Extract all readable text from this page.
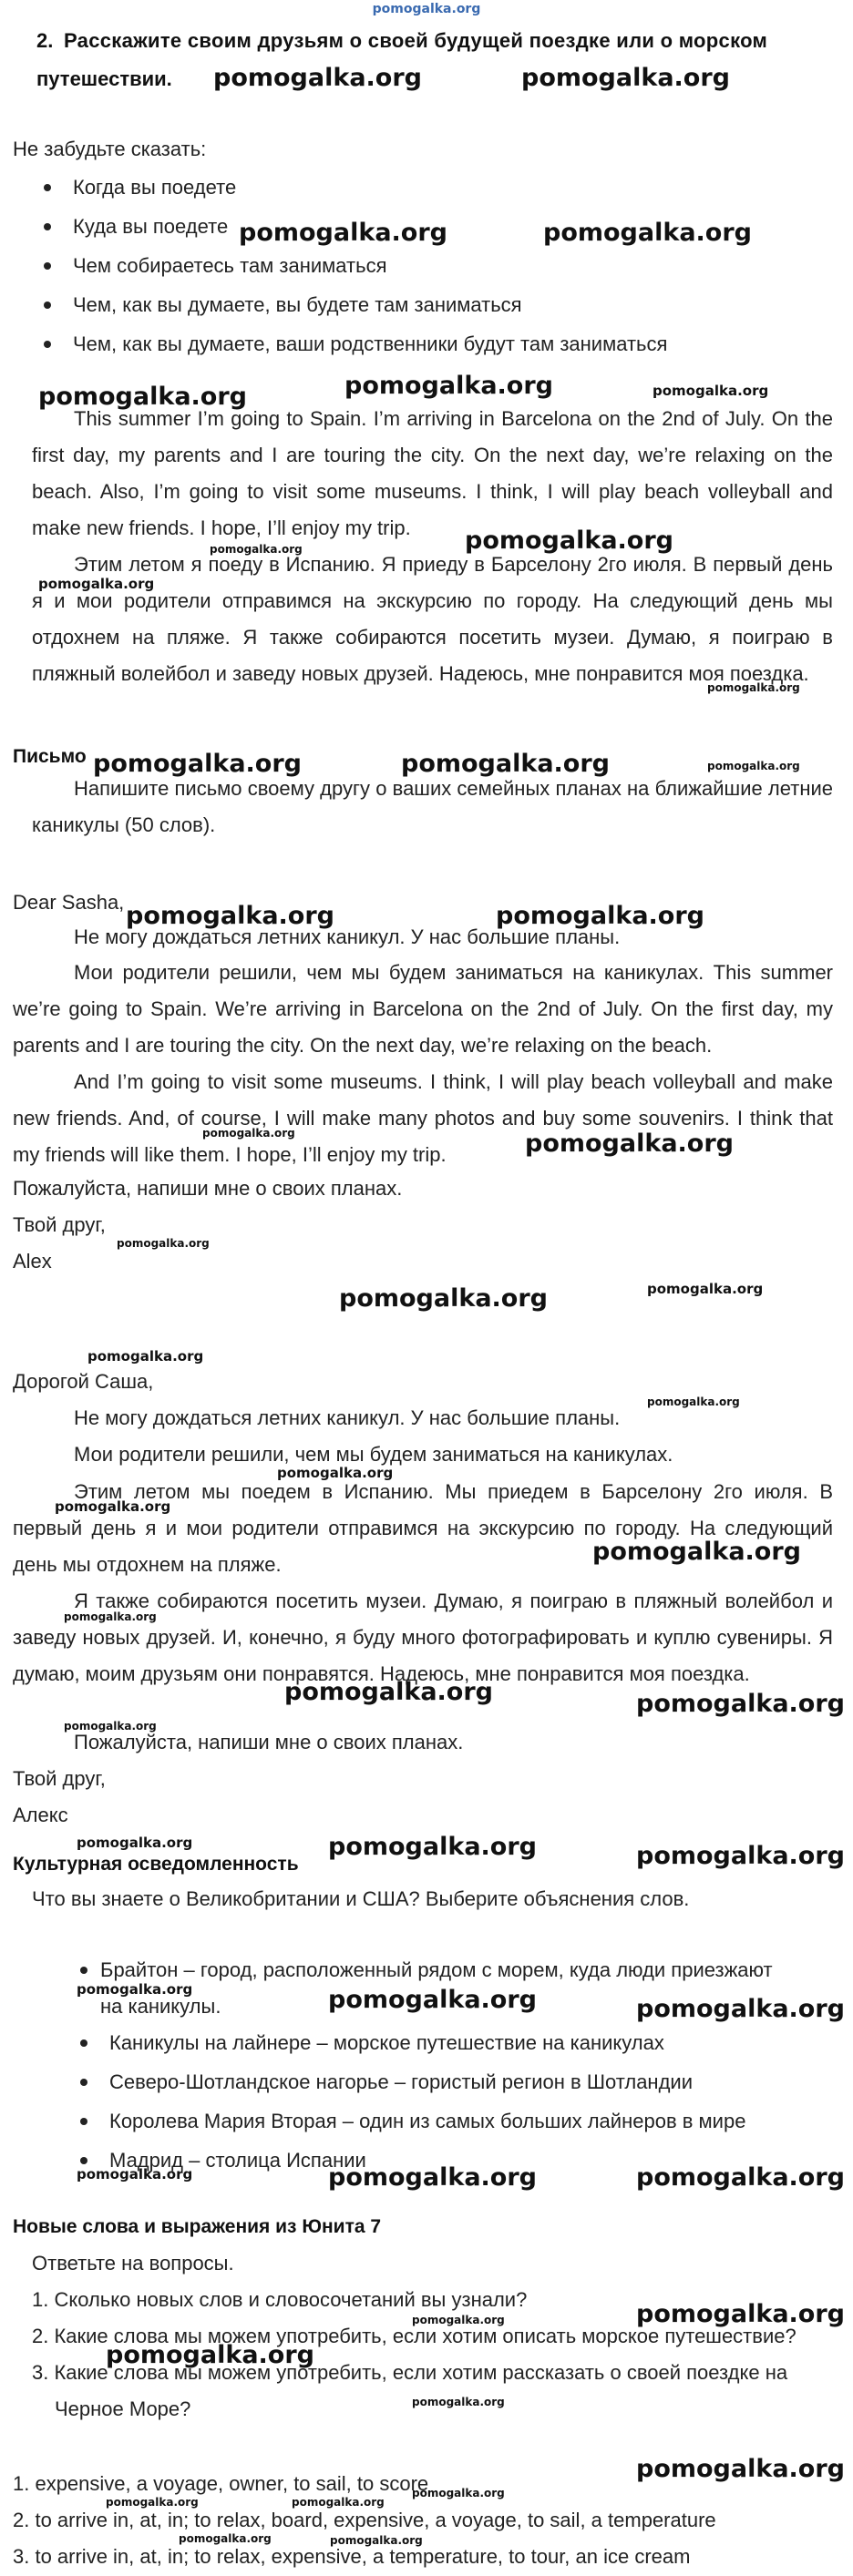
pomogalka.org
2. Расскажите своим друзьям о своей будущей поездке или о морском
путешествии.
Не забудьте сказать:
Когда вы поедете
Куда вы поедете
Чем собираетесь там заниматься
Чем, как вы думаете, вы будете там заниматься
Чем, как вы думаете, ваши родственники будут там заниматься
This summer I’m going to Spain. I’m arriving in Barcelona on the 2nd of July. On the first day, my parents and I are touring the city. On the next day, we’re relaxing on the beach. Also, I’m going to visit some museums. I think, I will play beach volleyball and make new friends. I hope, I’ll enjoy my trip.
Этим летом я поеду в Испанию. Я приеду в Барселону 2го июля. В первый день я и мои родители отправимся на экскурсию по городу. На следующий день мы отдохнем на пляже. Я также собираются посетить музеи. Думаю, я поиграю в пляжный волейбол и заведу новых друзей. Надеюсь, мне понравится моя поездка.
Письмо
Напишите письмо своему другу о ваших семейных планах на ближайшие летние каникулы (50 слов).
Dear Sasha,
Не могу дождаться летних каникул. У нас большие планы.
Мои родители решили, чем мы будем заниматься на каникулах. This summer we’re going to Spain. We’re arriving in Barcelona on the 2nd of July. On the first day, my parents and I are touring the city. On the next day, we’re relaxing on the beach.
And I’m going to visit some museums. I think, I will play beach volleyball and make new friends. And, of course, I will make many photos and buy some souvenirs. I think that my friends will like them. I hope, I’ll enjoy my trip.
Пожалуйста, напиши мне о своих планах.
Твой друг,
Alex
Дорогой Саша,
Не могу дождаться летних каникул. У нас большие планы.
Мои родители решили, чем мы будем заниматься на каникулах.
Этим летом мы поедем в Испанию. Мы приедем в Барселону 2го июля. В первый день я и мои родители отправимся на экскурсию по городу. На следующий день мы отдохнем на пляже.
Я также собираются посетить музеи. Думаю, я поиграю в пляжный волейбол и заведу новых друзей. И, конечно, я буду много фотографировать и куплю сувениры. Я думаю, моим друзьям они понравятся. Надеюсь, мне понравится моя поездка.
Пожалуйста, напиши мне о своих планах.
Твой друг,
Алекс
Культурная осведомленность
Что вы знаете о Великобритании и США? Выберите объяснения слов.
Брайтон – город, расположенный рядом с морем, куда люди приезжают
на каникулы.
Каникулы на лайнере – морское путешествие на каникулах
Северо-Шотландское нагорье – гористый регион в Шотландии
Королева Мария Вторая – один из самых больших лайнеров в мире
Мадрид – столица Испании
Новые слова и выражения из Юнита 7
Ответьте на вопросы.
1. Сколько новых слов и словосочетаний вы узнали?
2. Какие слова мы можем употребить, если хотим описать морское путешествие?
3. Какие слова мы можем употребить, если хотим рассказать о своей поездке на
Черное Море?
1. expensive, a voyage, owner, to sail, to score
2. to arrive in, at, in; to relax, board, expensive, a voyage, to sail, a temperature
3. to arrive in, at, in; to relax, expensive, a temperature, to tour, an ice cream
pomogalka.org	pomogalka.org
pomogalka.org	pomogalka.org
pomogalka.org	pomogalka.org	pomogalka.org
pomogalka.org
pomogalka.org
pomogalka.org
pomogalka.org
pomogalka.org	pomogalka.org	pomogalka.org
pomogalka.org	pomogalka.org
pomogalka.org	pomogalka.org
pomogalka.org
pomogalka.org	pomogalka.org
pomogalka.org
pomogalka.org
pomogalka.org
pomogalka.org
pomogalka.org
pomogalka.org
pomogalka.org	pomogalka.org
pomogalka.org
pomogalka.org	pomogalka.org	pomogalka.org
pomogalka.org	pomogalka.org	pomogalka.org
pomogalka.org	pomogalka.org	pomogalka.org
pomogalka.org	pomogalka.org
pomogalka.org
pomogalka.org
pomogalka.org
pomogalka.org	pomogalka.org
pomogalka.org
pomogalka.org	pomogalka.org
